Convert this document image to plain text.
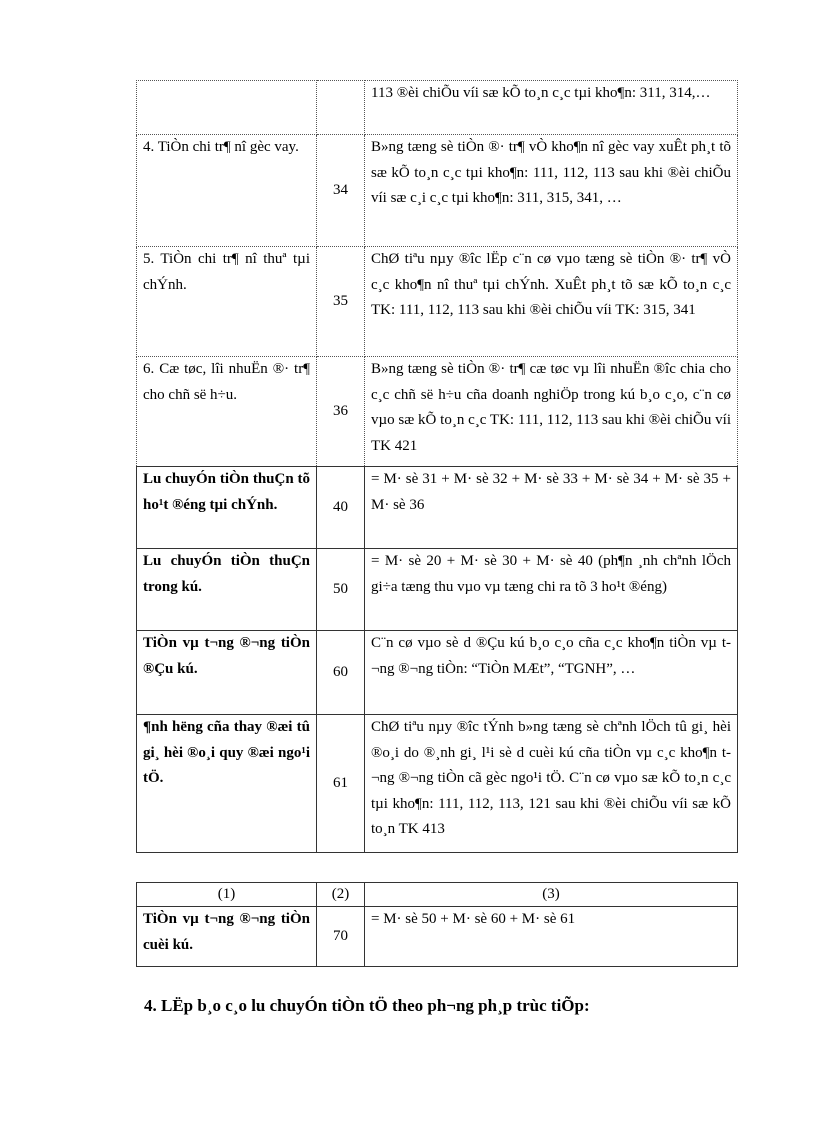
		113 ®èi chiÕu víi sæ kÕ to¸n c¸c tµi kho¶n: 311, 314,…
4. TiÒn chi tr¶ nî gèc vay.	34	B»ng tæng sè tiÒn ®· tr¶ vÒ kho¶n nî gèc vay xuÊt ph¸t tõ sæ kÕ to¸n c¸c tµi kho¶n: 111, 112, 113 sau khi ®èi chiÕu víi sæ c¸i c¸c tµi kho¶n: 311, 315, 341, …
5. TiÒn chi tr¶ nî thuª tµi chÝnh.	35	ChØ tiªu nµy ®îc lËp c¨n cø vµo tæng sè tiÒn ®· tr¶ vÒ c¸c kho¶n nî thuª tµi chÝnh. XuÊt ph¸t tõ sæ kÕ to¸n c¸c TK: 111, 112, 113 sau khi ®èi chiÕu víi TK: 315, 341
6. Cæ tøc, lîi nhuËn ®· tr¶ cho chñ së h÷u.	36	B»ng tæng sè tiÒn ®· tr¶ cæ tøc vµ lîi nhuËn ®îc chia cho c¸c chñ së h÷u cña doanh nghiÖp trong kú b¸o c¸o, c¨n cø vµo sæ kÕ to¸n c¸c TK: 111, 112, 113 sau khi ®èi chiÕu víi TK 421
Lu chuyÓn tiÒn thuÇn tõ ho¹t ®éng tµi chÝnh.	40	= M· sè 31 + M· sè 32 + M· sè 33 + M· sè 34 + M· sè 35 + M· sè 36
Lu chuyÓn tiÒn thuÇn trong kú.	50	= M· sè 20 + M· sè 30 + M· sè 40 (ph¶n ¸nh chªnh lÖch gi÷a tæng thu vµo vµ tæng chi ra tõ 3 ho¹t ®éng)
TiÒn vµ t¬ng ®¬ng tiÒn ®Çu kú.	60	C¨n cø vµo sè d ®Çu kú b¸o c¸o cña c¸c kho¶n tiÒn vµ t¬ng ®¬ng tiÒn: “TiÒn MÆt”, “TGNH”, …
¶nh hëng cña thay ®æi tû gi¸ hèi ®o¸i quy ®æi ngo¹i tÖ.	61	ChØ tiªu nµy ®îc tÝnh b»ng tæng sè chªnh lÖch tû gi¸ hèi ®o¸i do ®¸nh gi¸ l¹i sè d cuèi kú cña tiÒn vµ c¸c kho¶n t¬ng ®¬ng tiÒn cã gèc ngo¹i tÖ. C¨n cø vµo sæ kÕ to¸n c¸c tµi kho¶n: 111, 112, 113, 121 sau khi ®èi chiÕu víi sæ kÕ to¸n TK 413
(1)	(2)	(3)
TiÒn vµ t¬ng ®¬ng tiÒn cuèi kú.	70	= M· sè 50 + M· sè 60 + M· sè 61
4. LËp b¸o c¸o lu chuyÓn tiÒn tÖ theo ph¬ng ph¸p trùc tiÕp:
